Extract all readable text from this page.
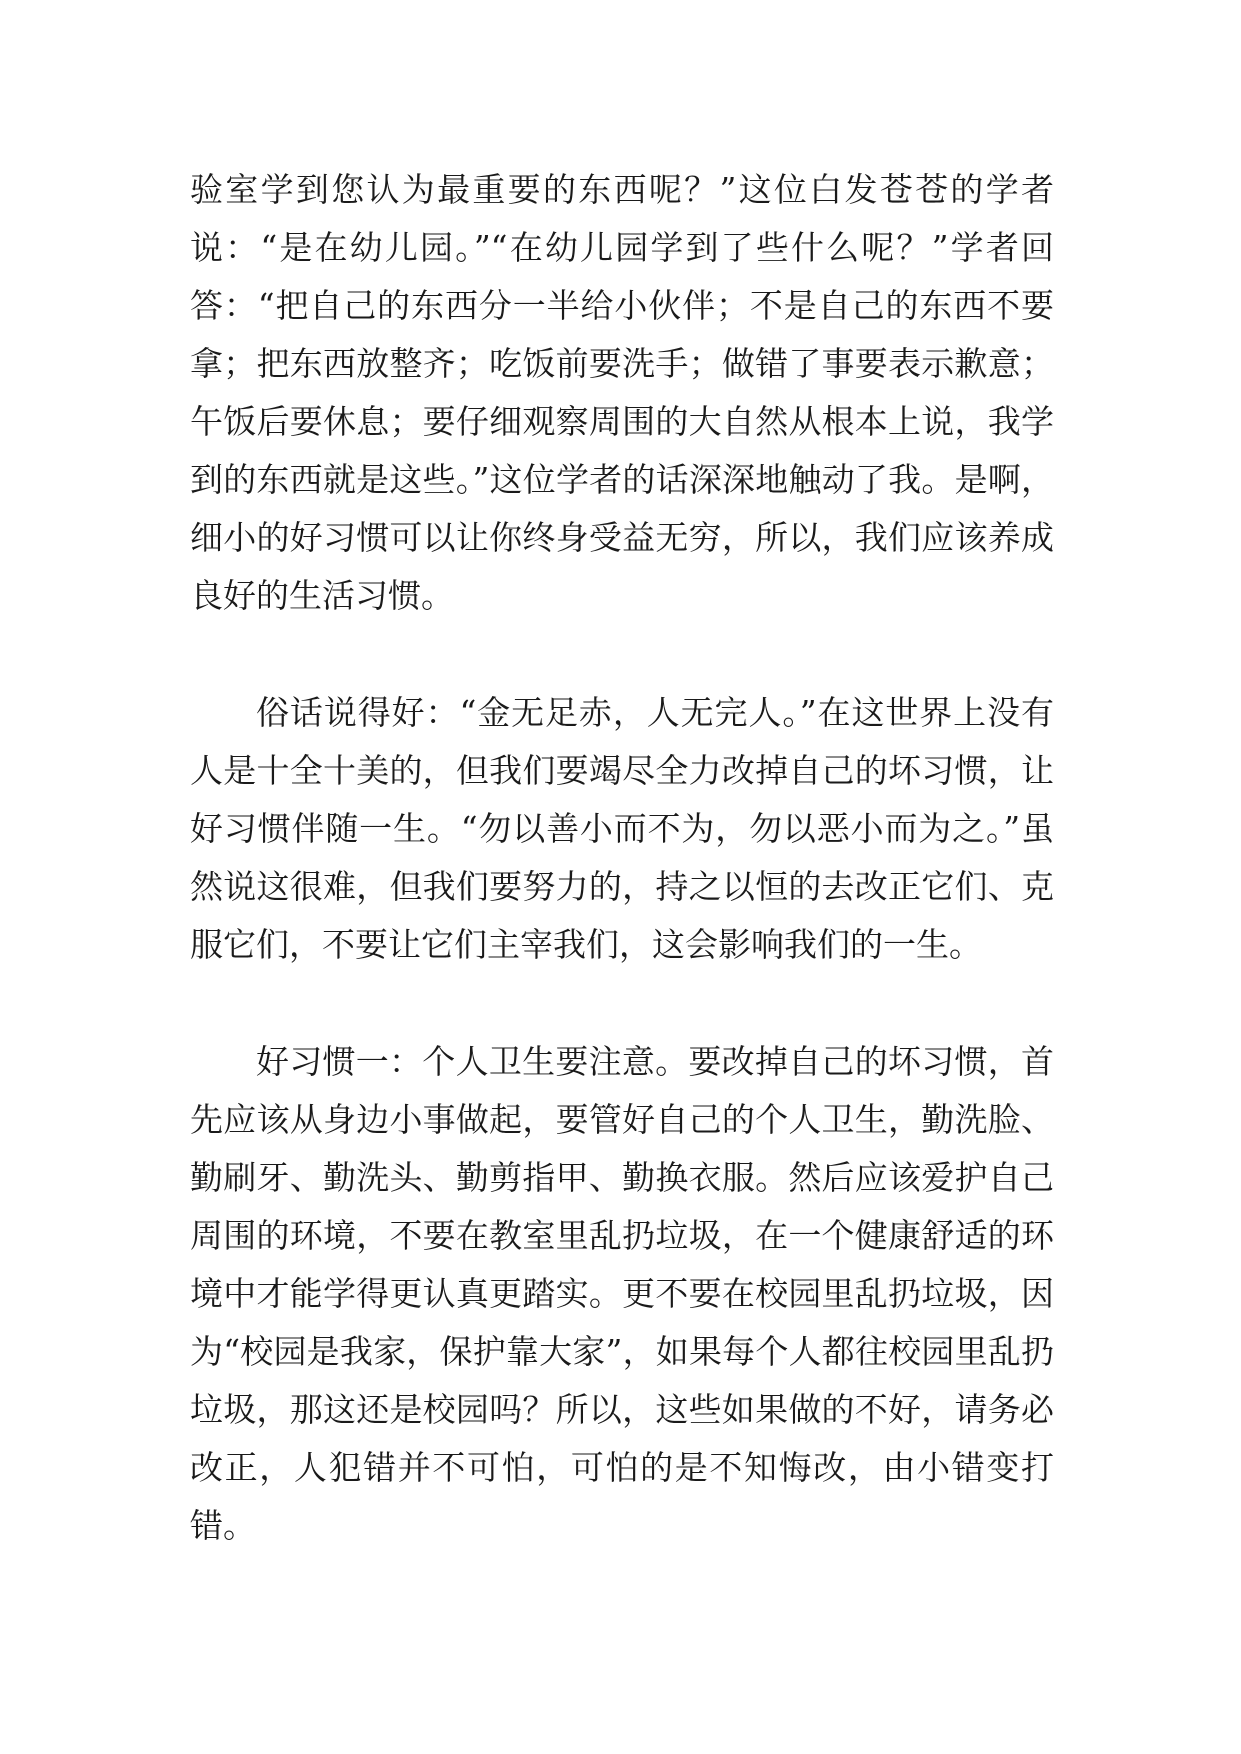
验室学到您认为最重要的东西呢？”这位白发苍苍的学者说：“是在幼儿园。”“在幼儿园学到了些什么呢？”学者回答：“把自己的东西分一半给小伙伴；不是自己的东西不要拿；把东西放整齐；吃饭前要洗手；做错了事要表示歉意；午饭后要休息；要仔细观察周围的大自然从根本上说，我学到的东西就是这些。”这位学者的话深深地触动了我。是啊，细小的好习惯可以让你终身受益无穷，所以，我们应该养成良好的生活习惯。

俗话说得好：“金无足赤，人无完人。”在这世界上没有人是十全十美的，但我们要竭尽全力改掉自己的坏习惯，让好习惯伴随一生。“勿以善小而不为，勿以恶小而为之。”虽然说这很难，但我们要努力的，持之以恒的去改正它们、克服它们，不要让它们主宰我们，这会影响我们的一生。

好习惯一：个人卫生要注意。要改掉自己的坏习惯，首先应该从身边小事做起，要管好自己的个人卫生，勤洗脸、勤刷牙、勤洗头、勤剪指甲、勤换衣服。然后应该爱护自己周围的环境，不要在教室里乱扔垃圾，在一个健康舒适的环境中才能学得更认真更踏实。更不要在校园里乱扔垃圾，因为“校园是我家，保护靠大家”，如果每个人都往校园里乱扔垃圾，那这还是校园吗？所以，这些如果做的不好，请务必改正，人犯错并不可怕，可怕的是不知悔改，由小错变打错。
